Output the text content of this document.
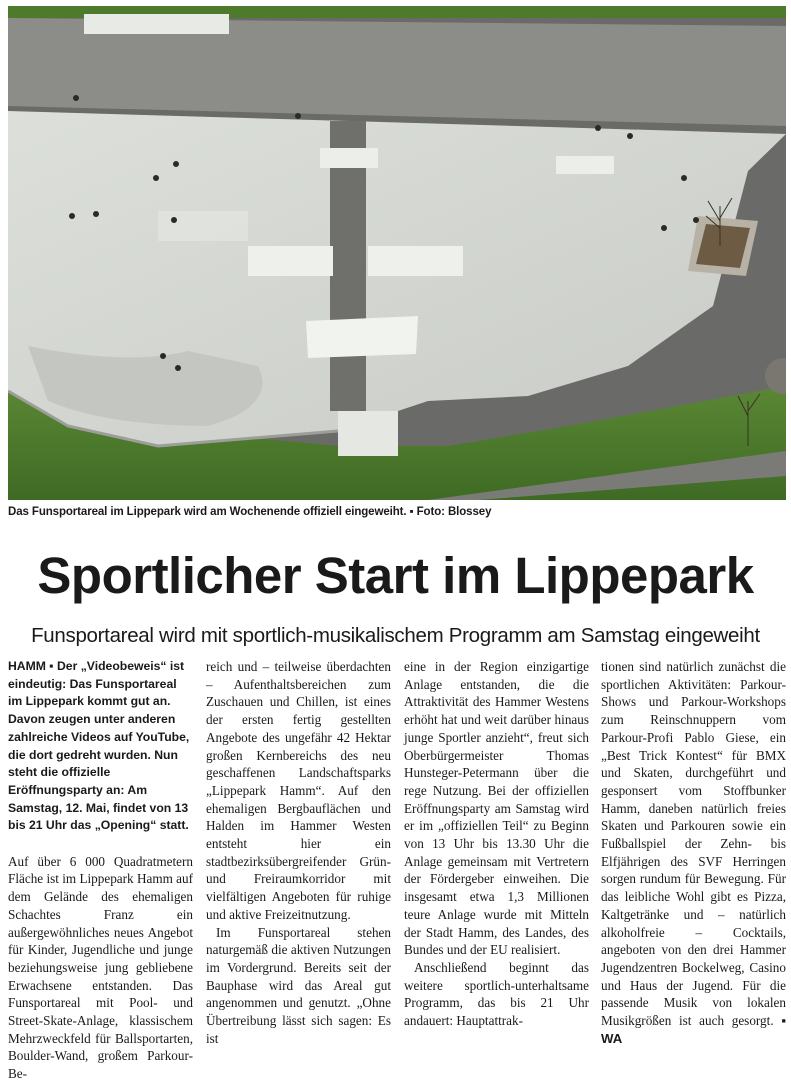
Das Funsportareal im Lippepark wird am Wochenende offiziell eingeweiht. ▪ Foto: Blossey
Sportlicher Start im Lippepark
Funsportareal wird mit sportlich-musikalischem Programm am Samstag eingeweiht

HAMM ▪ Der „Videobeweis“ ist eindeutig: Das Funsportareal im Lippepark kommt gut an. Davon zeugen unter anderen zahlreiche Videos auf YouTube, die dort gedreht wurden. Nun steht die offizielle Eröffnungsparty an: Am Samstag, 12. Mai, findet von 13 bis 21 Uhr das „Opening“ statt.

Auf über 6 000 Quadratmetern Fläche ist im Lippepark Hamm auf dem Gelände des ehemaligen Schachtes Franz ein außergewöhnliches neues Angebot für Kinder, Jugendliche und junge beziehungsweise jung gebliebene Erwachsene entstanden. Das Funsportareal mit Pool- und Street-Skate-Anlage, klassischem Mehrzweckfeld für Ballsportarten, Boulder-Wand, großem Parkour-Be-

reich und – teilweise überdachten – Aufenthaltsbereichen zum Zuschauen und Chillen, ist eines der ersten fertig gestellten Angebote des ungefähr 42 Hektar großen Kernbereichs des neu geschaffenen Landschaftsparks „Lippepark Hamm“. Auf den ehemaligen Bergbauflächen und Halden im Hammer Westen entsteht hier ein stadtbezirksübergreifender Grün- und Freiraumkorridor mit vielfältigen Angeboten für ruhige und aktive Freizeitnutzung.

Im Funsportareal stehen naturgemäß die aktiven Nutzungen im Vordergrund. Bereits seit der Bauphase wird das Areal gut angenommen und genutzt. „Ohne Übertreibung lässt sich sagen: Es ist

eine in der Region einzigartige Anlage entstanden, die die Attraktivität des Hammer Westens erhöht hat und weit darüber hinaus junge Sportler anzieht“, freut sich Oberbürgermeister Thomas Hunsteger-Petermann über die rege Nutzung. Bei der offiziellen Eröffnungsparty am Samstag wird er im „offiziellen Teil“ zu Beginn von 13 Uhr bis 13.30 Uhr die Anlage gemeinsam mit Vertretern der Fördergeber einweihen. Die insgesamt etwa 1,3 Millionen teure Anlage wurde mit Mitteln der Stadt Hamm, des Landes, des Bundes und der EU realisiert.

Anschließend beginnt das weitere sportlich-unterhaltsame Programm, das bis 21 Uhr andauert: Hauptattrak-

tionen sind natürlich zunächst die sportlichen Aktivitäten: Parkour-Shows und Parkour-Workshops zum Reinschnuppern vom Parkour-Profi Pablo Giese, ein „Best Trick Kontest“ für BMX und Skaten, durchgeführt und gesponsert vom Stoffbunker Hamm, daneben natürlich freies Skaten und Parkouren sowie ein Fußballspiel der Zehn- bis Elfjährigen des SVF Herringen sorgen rundum für Bewegung. Für das leibliche Wohl gibt es Pizza, Kaltgetränke und – natürlich alkoholfreie – Cocktails, angeboten von den drei Hammer Jugendzentren Bockelweg, Casino und Haus der Jugend. Für die passende Musik von lokalen Musikgrößen ist auch gesorgt. ▪ WA
